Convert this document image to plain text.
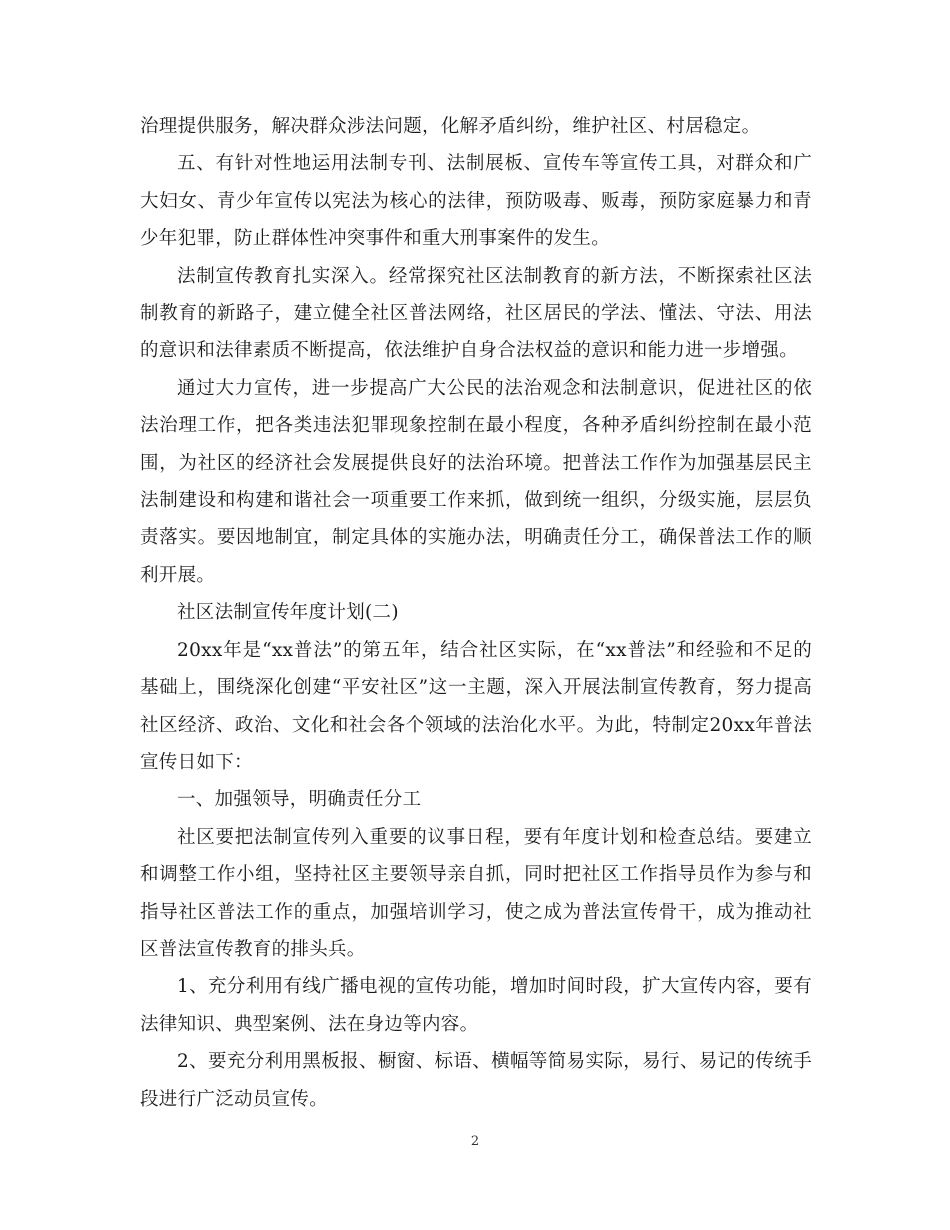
治理提供服务，解决群众涉法问题，化解矛盾纠纷，维护社区、村居稳定。

五、有针对性地运用法制专刊、法制展板、宣传车等宣传工具，对群众和广大妇女、青少年宣传以宪法为核心的法律，预防吸毒、贩毒，预防家庭暴力和青少年犯罪，防止群体性冲突事件和重大刑事案件的发生。

法制宣传教育扎实深入。经常探究社区法制教育的新方法，不断探索社区法制教育的新路子，建立健全社区普法网络，社区居民的学法、懂法、守法、用法的意识和法律素质不断提高，依法维护自身合法权益的意识和能力进一步增强。

通过大力宣传，进一步提高广大公民的法治观念和法制意识，促进社区的依法治理工作，把各类违法犯罪现象控制在最小程度，各种矛盾纠纷控制在最小范围，为社区的经济社会发展提供良好的法治环境。把普法工作作为加强基层民主法制建设和构建和谐社会一项重要工作来抓，做到统一组织，分级实施，层层负责落实。要因地制宜，制定具体的实施办法，明确责任分工，确保普法工作的顺利开展。

社区法制宣传年度计划(二)

20xx年是“xx普法”的第五年，结合社区实际，在“xx普法”和经验和不足的基础上，围绕深化创建“平安社区”这一主题，深入开展法制宣传教育，努力提高社区经济、政治、文化和社会各个领域的法治化水平。为此，特制定20xx年普法宣传日如下：

一、加强领导，明确责任分工

社区要把法制宣传列入重要的议事日程，要有年度计划和检查总结。要建立和调整工作小组，坚持社区主要领导亲自抓，同时把社区工作指导员作为参与和指导社区普法工作的重点，加强培训学习，使之成为普法宣传骨干，成为推动社区普法宣传教育的排头兵。

1、充分利用有线广播电视的宣传功能，增加时间时段，扩大宣传内容，要有法律知识、典型案例、法在身边等内容。

2、要充分利用黑板报、橱窗、标语、横幅等简易实际，易行、易记的传统手段进行广泛动员宣传。

2
